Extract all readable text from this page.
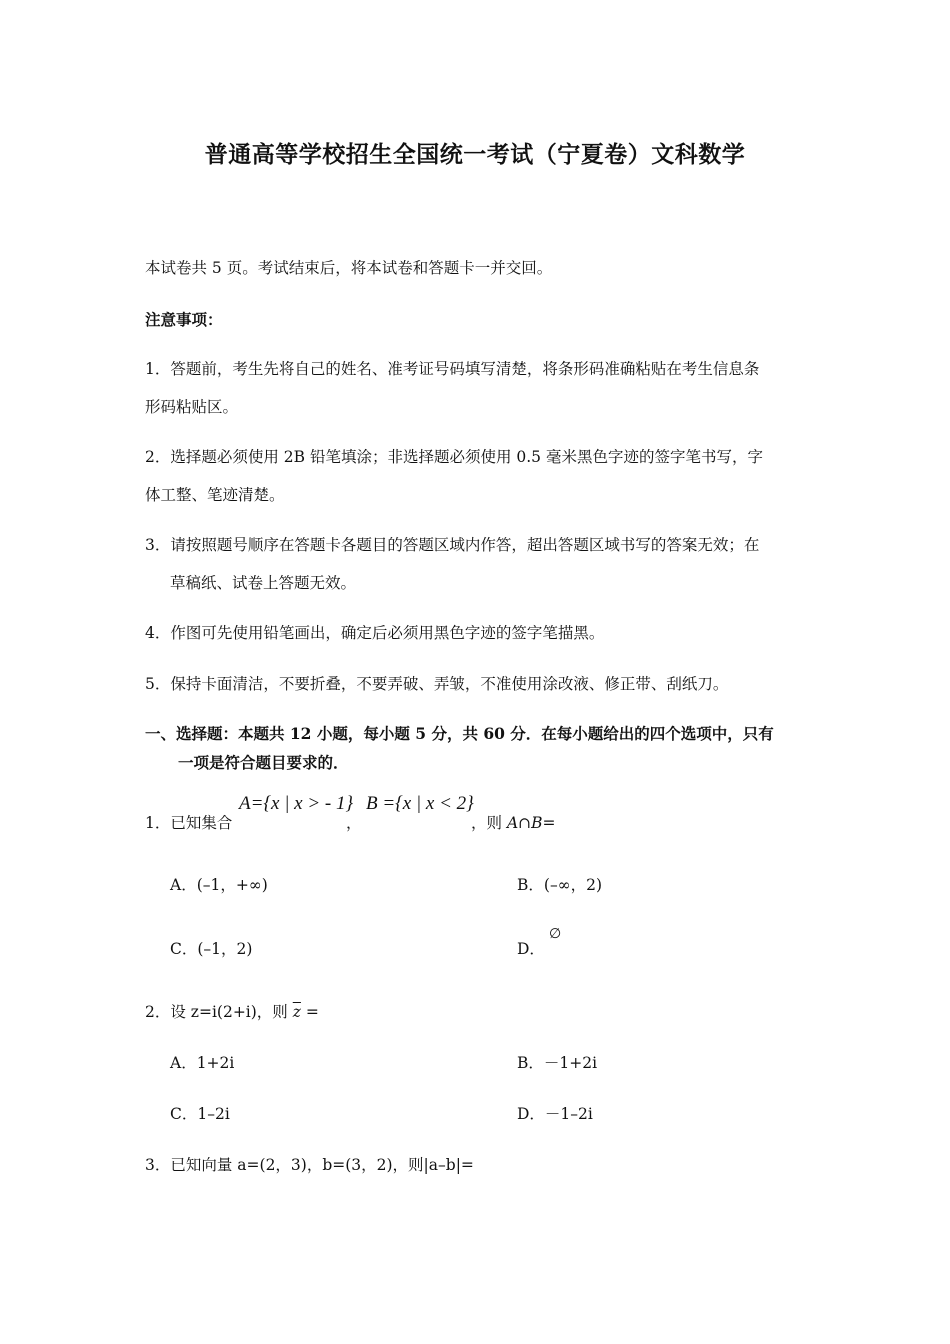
普通高等学校招生全国统一考试（宁夏卷）文科数学
本试卷共 5 页。考试结束后，将本试卷和答题卡一并交回。
注意事项：
1．答题前，考生先将自己的姓名、准考证号码填写清楚，将条形码准确粘贴在考生信息条
形码粘贴区。
2．选择题必须使用 2B 铅笔填涂；非选择题必须使用 0.5 毫米黑色字迹的签字笔书写，字
体工整、笔迹清楚。
3．请按照题号顺序在答题卡各题目的答题区域内作答，超出答题区域书写的答案无效；在
草稿纸、试卷上答题无效。
4．作图可先使用铅笔画出，确定后必须用黑色字迹的签字笔描黑。
5．保持卡面清洁，不要折叠，不要弄破、弄皱，不准使用涂改液、修正带、刮纸刀。
一、选择题：本题共 12 小题，每小题 5 分，共 60 分．在每小题给出的四个选项中，只有
一项是符合题目要求的．
1．已知集合
A={x | x > - 1}
，
B ={x | x < 2}
，则 A∩B=
A．(–1，+∞)	B．(–∞，2)
C．(–1，2)	D．
∅
2．设 z=i(2+i)，则 $\overline{z}$ =
A．1+2i	B．－1+2i
C．1–2i	D．－1–2i
3．已知向量 a=(2，3)，b=(3，2)，则|a–b|=
